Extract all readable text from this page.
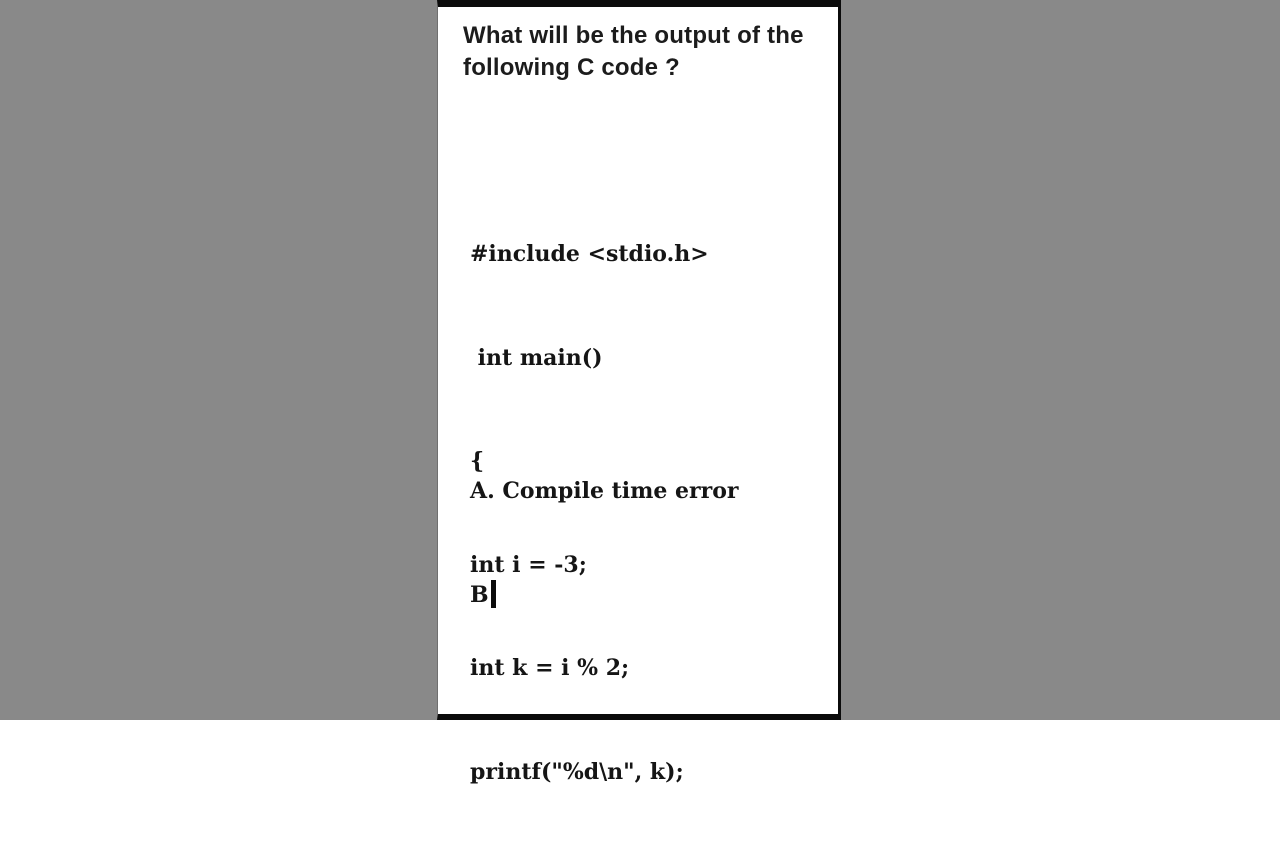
What will be the output of the following C code ?

#include <stdio.h>

int main()

{

int i = -3;

int k = i % 2;

printf("%d\n", k);

A. Compile time error

B
